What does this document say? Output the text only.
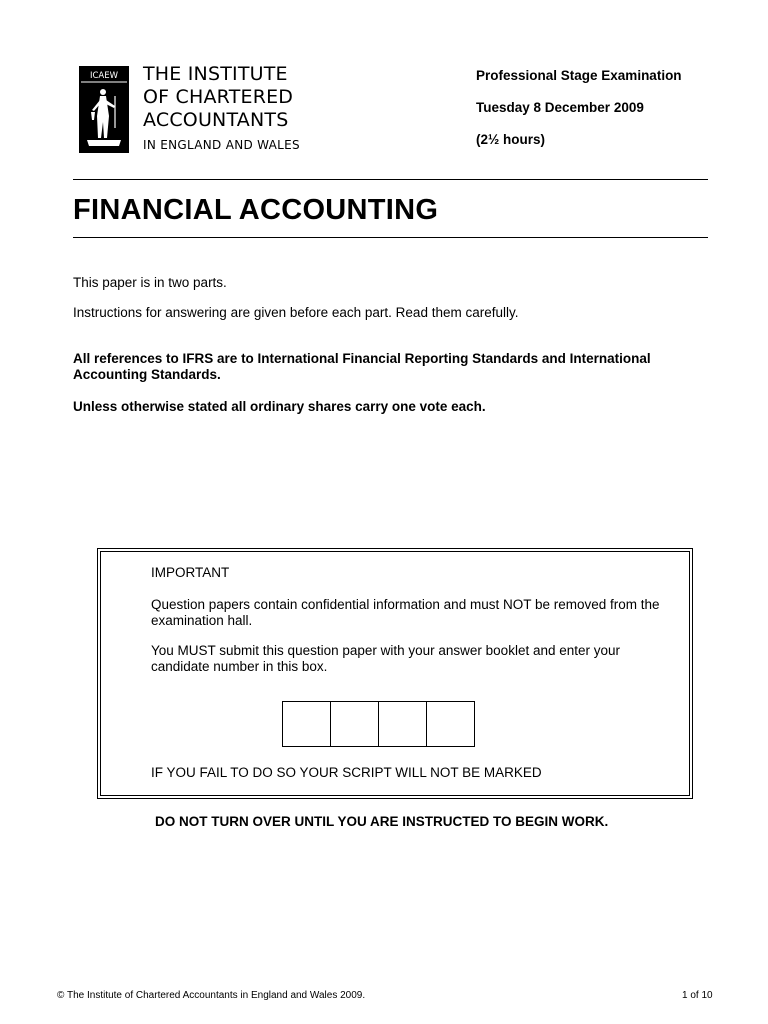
ICAEW THE INSTITUTE
OF CHARTERED
ACCOUNTANTS
IN ENGLAND AND WALES
Professional Stage Examination
Tuesday 8 December 2009
(2½ hours)
FINANCIAL ACCOUNTING
This paper is in two parts.
Instructions for answering are given before each part. Read them carefully.
All references to IFRS are to International Financial Reporting Standards and International Accounting Standards.
Unless otherwise stated all ordinary shares carry one vote each.
IMPORTANT
Question papers contain confidential information and must NOT be removed from the examination hall.
You MUST submit this question paper with your answer booklet and enter your candidate number in this box.
IF YOU FAIL TO DO SO YOUR SCRIPT WILL NOT BE MARKED
DO NOT TURN OVER UNTIL YOU ARE INSTRUCTED TO BEGIN WORK.
© The Institute of Chartered Accountants in England and Wales 2009.	1 of 10
